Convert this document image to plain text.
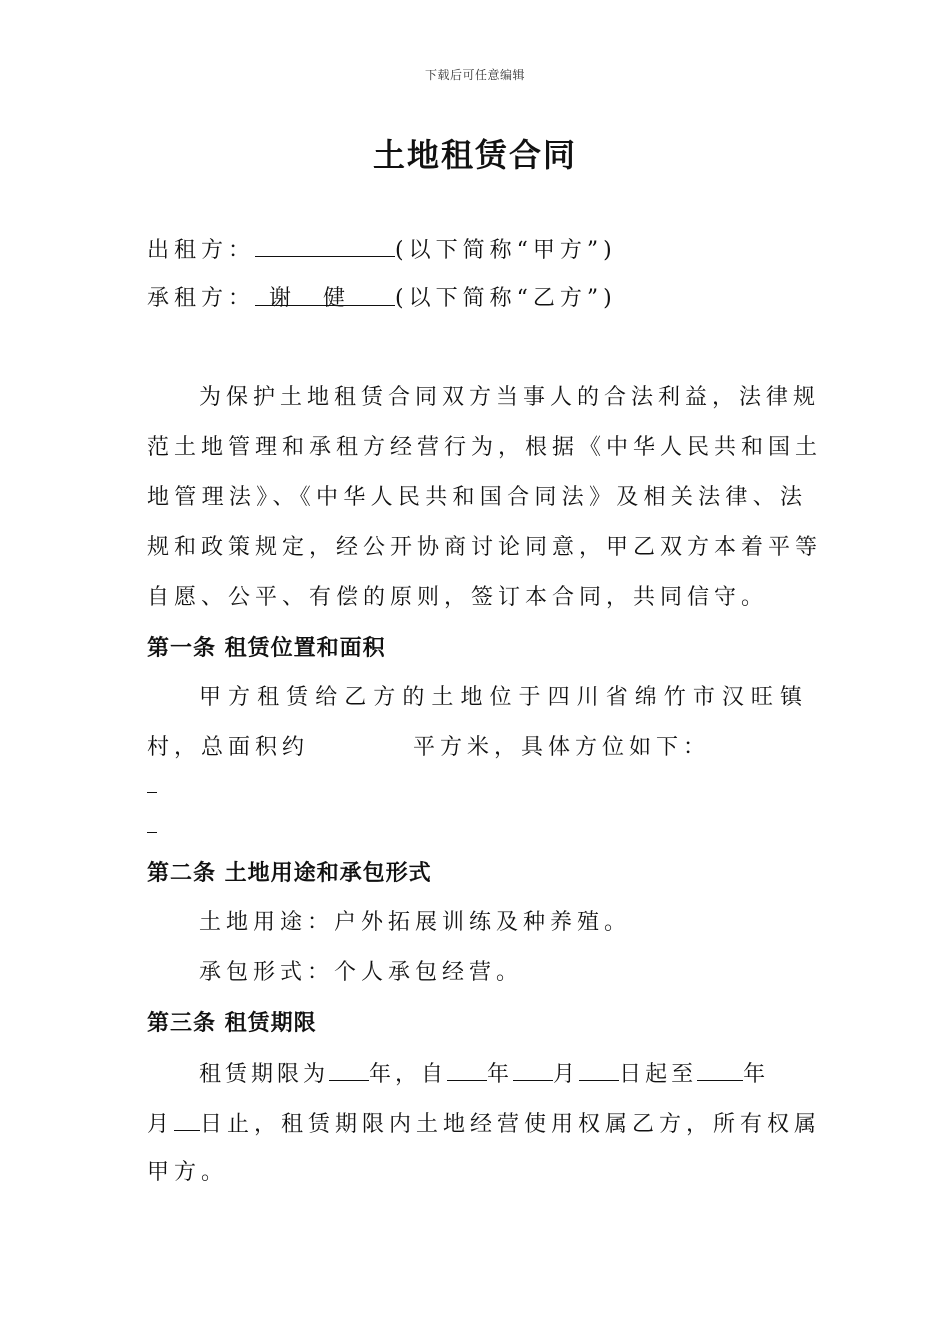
下载后可任意编辑
土地租赁合同
出租方：	(以下简称“甲方”)
承租方： 谢  健 (以下简称“乙方”)
为保护土地租赁合同双方当事人的合法利益，法律规
范土地管理和承租方经营行为，根据《中华人民共和国土
地管理法》、《中华人民共和国合同法》及相关法律、法
规和政策规定，经公开协商讨论同意，甲乙双方本着平等
自愿、公平、有偿的原则，签订本合同，共同信守。
第一条 租赁位置和面积
甲方租赁给乙方的土地位于四川省绵竹市汉旺镇
村，总面积约	平方米，具体方位如下：
第二条 土地用途和承包形式
土地用途：户外拓展训练及种养殖。
承包形式：个人承包经营。
第三条 租赁期限
租赁期限为 年，自 年 月 日起至 年
月 日止，租赁期限内土地经营使用权属乙方，所有权属
甲方。
